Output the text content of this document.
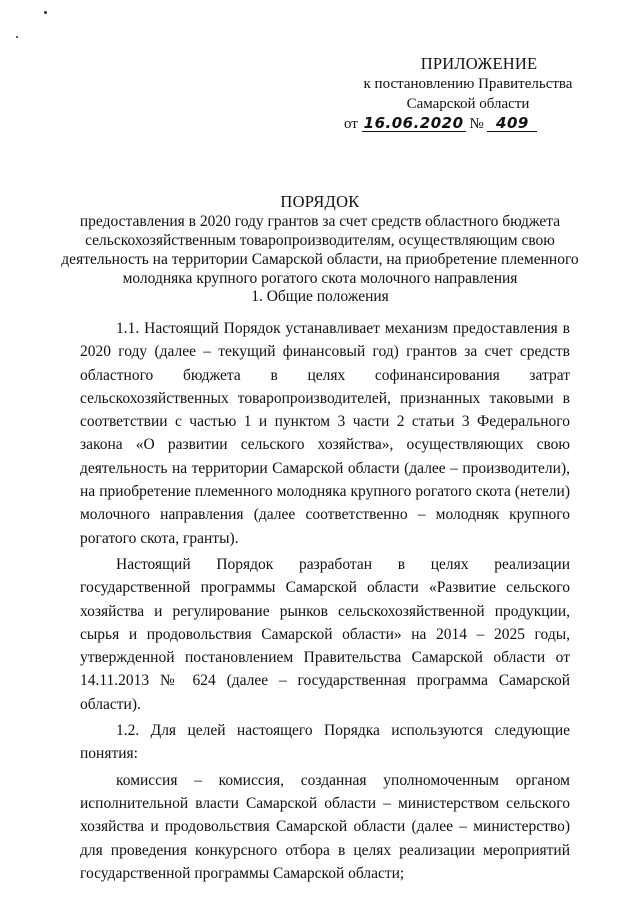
ПРИЛОЖЕНИЕ
к постановлению Правительства
Самарской области
от 16.06.2020 № 409
ПОРЯДОК
предоставления в 2020 году грантов за счет средств областного бюджета сельскохозяйственным товаропроизводителям, осуществляющим свою деятельность на территории Самарской области, на приобретение племенного молодняка крупного рогатого скота молочного направления
1. Общие положения

1.1. Настоящий Порядок устанавливает механизм предоставления в 2020 году (далее – текущий финансовый год) грантов за счет средств областного бюджета в целях софинансирования затрат сельскохозяйственных товаропроизводителей, признанных таковыми в соответствии с частью 1 и пунктом 3 части 2 статьи 3 Федерального закона «О развитии сельского хозяйства», осуществляющих свою деятельность на территории Самарской области (далее – производители), на приобретение племенного молодняка крупного рогатого скота (нетели) молочного направления (далее соответственно – молодняк крупного рогатого скота, гранты).

Настоящий Порядок разработан в целях реализации государственной программы Самарской области «Развитие сельского хозяйства и регулирование рынков сельскохозяйственной продукции, сырья и продовольствия Самарской области» на 2014 – 2025 годы, утвержденной постановлением Правительства Самарской области от 14.11.2013 № 624 (далее – государственная программа Самарской области).

1.2. Для целей настоящего Порядка используются следующие понятия:

комиссия – комиссия, созданная уполномоченным органом исполнительной власти Самарской области – министерством сельского хозяйства и продовольствия Самарской области (далее – министерство) для проведения конкурсного отбора в целях реализации мероприятий государственной программы Самарской области;
